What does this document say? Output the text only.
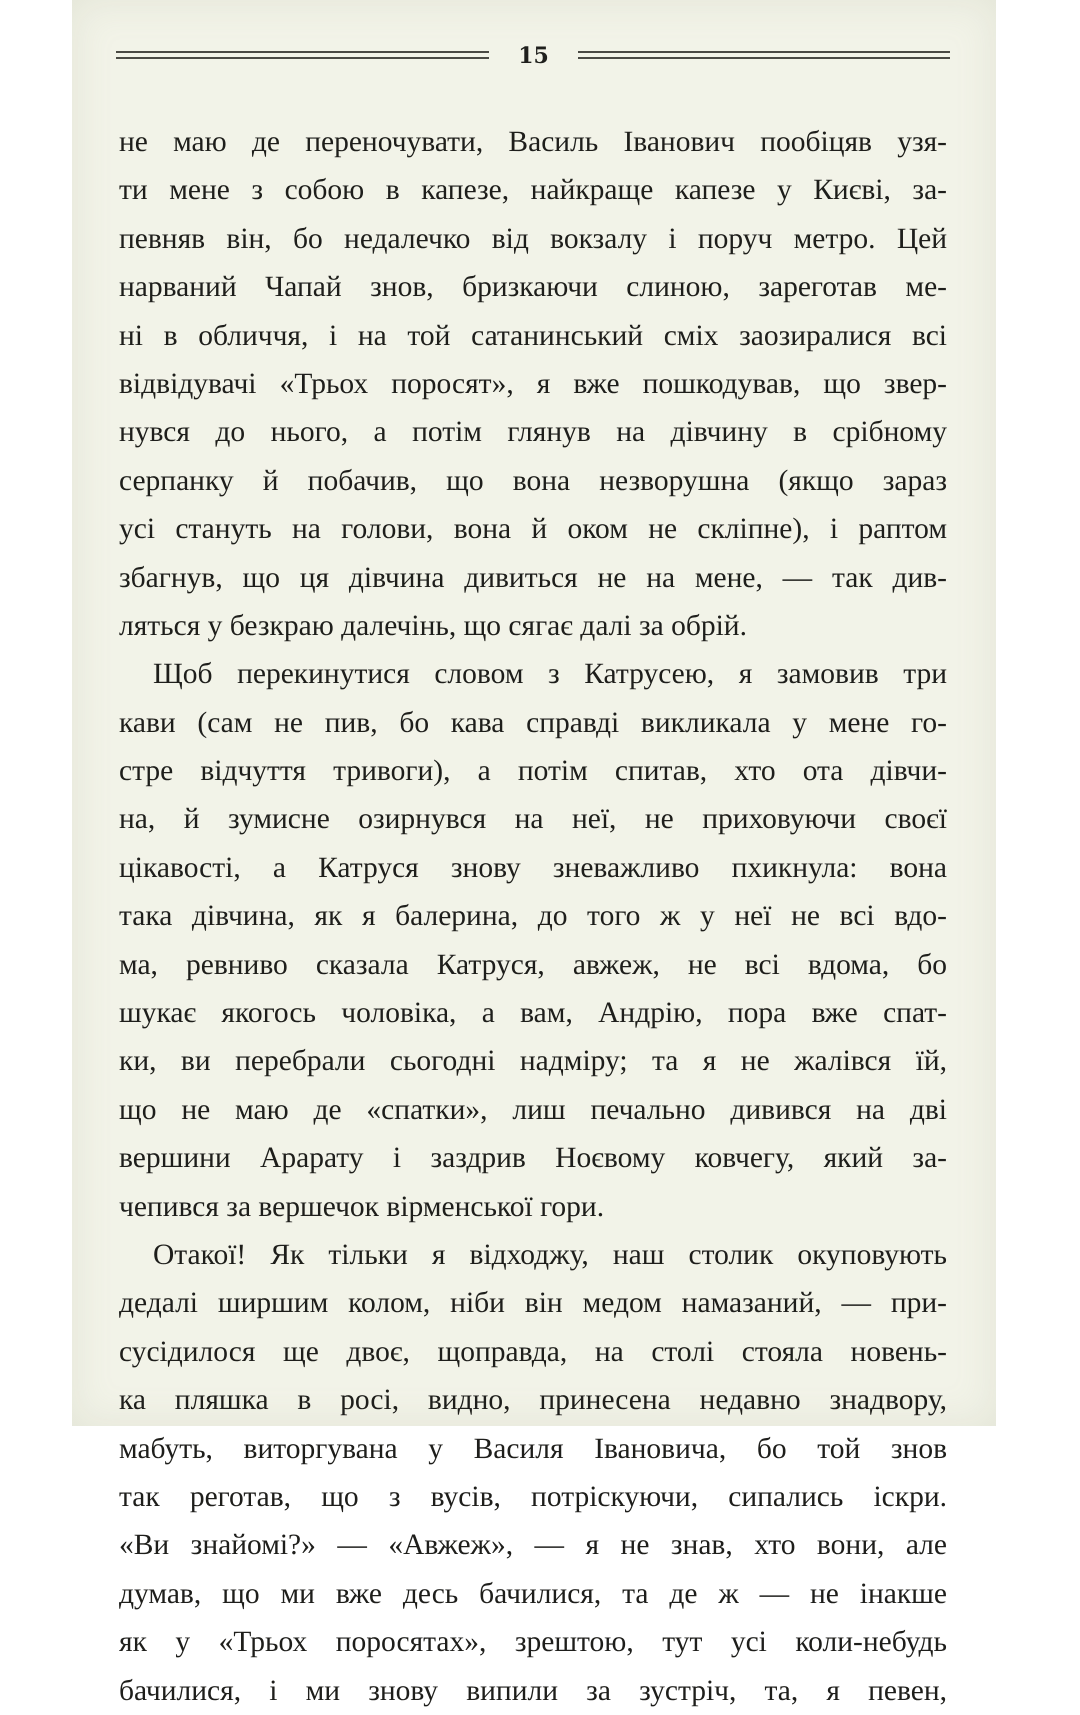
15
не маю де переночувати, Василь Іванович пообіцяв узя-
ти мене з собою в капезе, найкраще капезе у Києві, за-
певняв він, бо недалечко від вокзалу і поруч метро. Цей
нарваний Чапай знов, бризкаючи слиною, зареготав ме-
ні в обличчя, і на той сатанинський сміх заозиралися всі
відвідувачі «Трьох поросят», я вже пошкодував, що звер-
нувся до нього, а потім глянув на дівчину в срібному
серпанку й побачив, що вона незворушна (якщо зараз
усі стануть на голови, вона й оком не скліпне), і раптом
збагнув, що ця дівчина дивиться не на мене, — так див-
ляться у безкраю далечінь, що сягає далі за обрій.
Щоб перекинутися словом з Катрусею, я замовив три
кави (сам не пив, бо кава справді викликала у мене го-
стре відчуття тривоги), а потім спитав, хто ота дівчи-
на, й зумисне озирнувся на неї, не приховуючи своєї
цікавості, а Катруся знову зневажливо пхикнула: вона
така дівчина, як я балерина, до того ж у неї не всі вдо-
ма, ревниво сказала Катруся, авжеж, не всі вдома, бо
шукає якогось чоловіка, а вам, Андрію, пора вже спат-
ки, ви перебрали сьогодні надміру; та я не жалівся їй,
що не маю де «спатки», лиш печально дивився на дві
вершини Арарату і заздрив Ноєвому ковчегу, який за-
чепився за вершечок вірменської гори.
Отакої! Як тільки я відходжу, наш столик окуповують
дедалі ширшим колом, ніби він медом намазаний, — при-
сусідилося ще двоє, щоправда, на столі стояла новень-
ка пляшка в росі, видно, принесена недавно знадвору,
мабуть, виторгувана у Василя Івановича, бо той знов
так реготав, що з вусів, потріскуючи, сипались іскри.
«Ви знайомі?» — «Авжеж», — я не знав, хто вони, але
думав, що ми вже десь бачилися, та де ж — не інакше
як у «Трьох поросятах», зрештою, тут усі коли-небудь
бачилися, і ми знову випили за зустріч, та, я певен,
